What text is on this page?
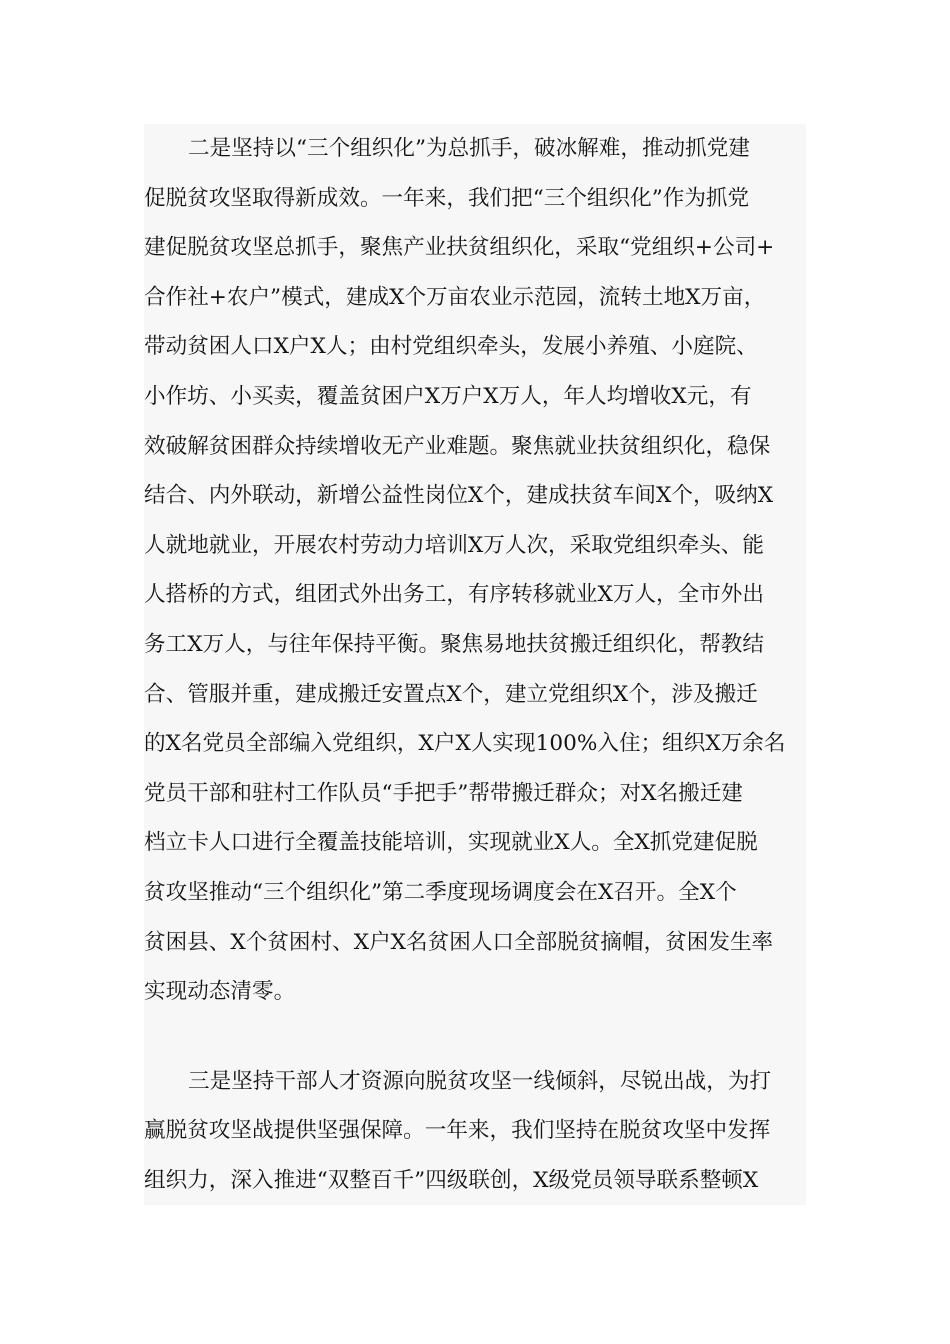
二是坚持以“三个组织化”为总抓手，破冰解难，推动抓党建
促脱贫攻坚取得新成效。一年来，我们把“三个组织化”作为抓党
建促脱贫攻坚总抓手，聚焦产业扶贫组织化，采取“党组织+公司+
合作社+农户”模式，建成X个万亩农业示范园，流转土地X万亩，
带动贫困人口X户X人；由村党组织牵头，发展小养殖、小庭院、
小作坊、小买卖，覆盖贫困户X万户X万人，年人均增收X元，有
效破解贫困群众持续增收无产业难题。聚焦就业扶贫组织化，稳保
结合、内外联动，新增公益性岗位X个，建成扶贫车间X个，吸纳X
人就地就业，开展农村劳动力培训X万人次，采取党组织牵头、能
人搭桥的方式，组团式外出务工，有序转移就业X万人，全市外出
务工X万人，与往年保持平衡。聚焦易地扶贫搬迁组织化，帮教结
合、管服并重，建成搬迁安置点X个，建立党组织X个，涉及搬迁
的X名党员全部编入党组织，X户X人实现100%入住；组织X万余名
党员干部和驻村工作队员“手把手”帮带搬迁群众；对X名搬迁建
档立卡人口进行全覆盖技能培训，实现就业X人。全X抓党建促脱
贫攻坚推动“三个组织化”第二季度现场调度会在X召开。全X个
贫困县、X个贫困村、X户X名贫困人口全部脱贫摘帽，贫困发生率
实现动态清零。
三是坚持干部人才资源向脱贫攻坚一线倾斜，尽锐出战，为打
赢脱贫攻坚战提供坚强保障。一年来，我们坚持在脱贫攻坚中发挥
组织力，深入推进“双整百千”四级联创，X级党员领导联系整顿X
